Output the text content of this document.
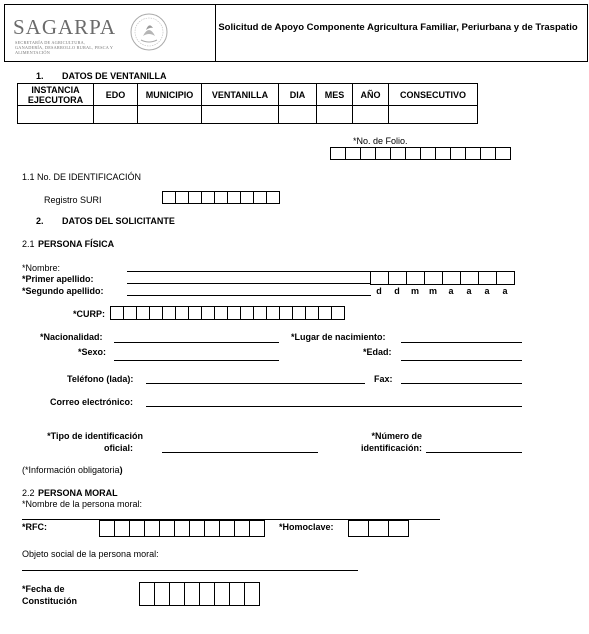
SAGARPA
SECRETARÍA DE AGRICULTURA, GANADERÍA, DESARROLLO RURAL, PESCA Y ALIMENTACIÓN
Solicitud de Apoyo Componente Agricultura Familiar, Periurbana y de Traspatio
1. DATOS DE VENTANILLA
INSTANCIA EJECUTORA	EDO	MUNICIPIO	VENTANILLA	DIA	MES	AÑO	CONSECUTIVO

*No. de Folio.
1.1 No. DE IDENTIFICACIÓN
Registro SURI
2. DATOS DEL SOLICITANTE
2.1 PERSONA FÍSICA
*Nombre:
*Primer apellido:
*Segundo apellido:	d	d	m	m	a	a	a	a
*CURP:
*Nacionalidad:	*Lugar de nacimiento:
*Sexo:	*Edad:
Teléfono (lada):	Fax:
Correo electrónico:
*Tipo de identificación
oficial:
*Número de
identificación:
(*Información obligatoria)
2.2 PERSONA MORAL
*Nombre de la persona moral:
*RFC:	*Homoclave:
Objeto social de la persona moral:
*Fecha de
Constitución
